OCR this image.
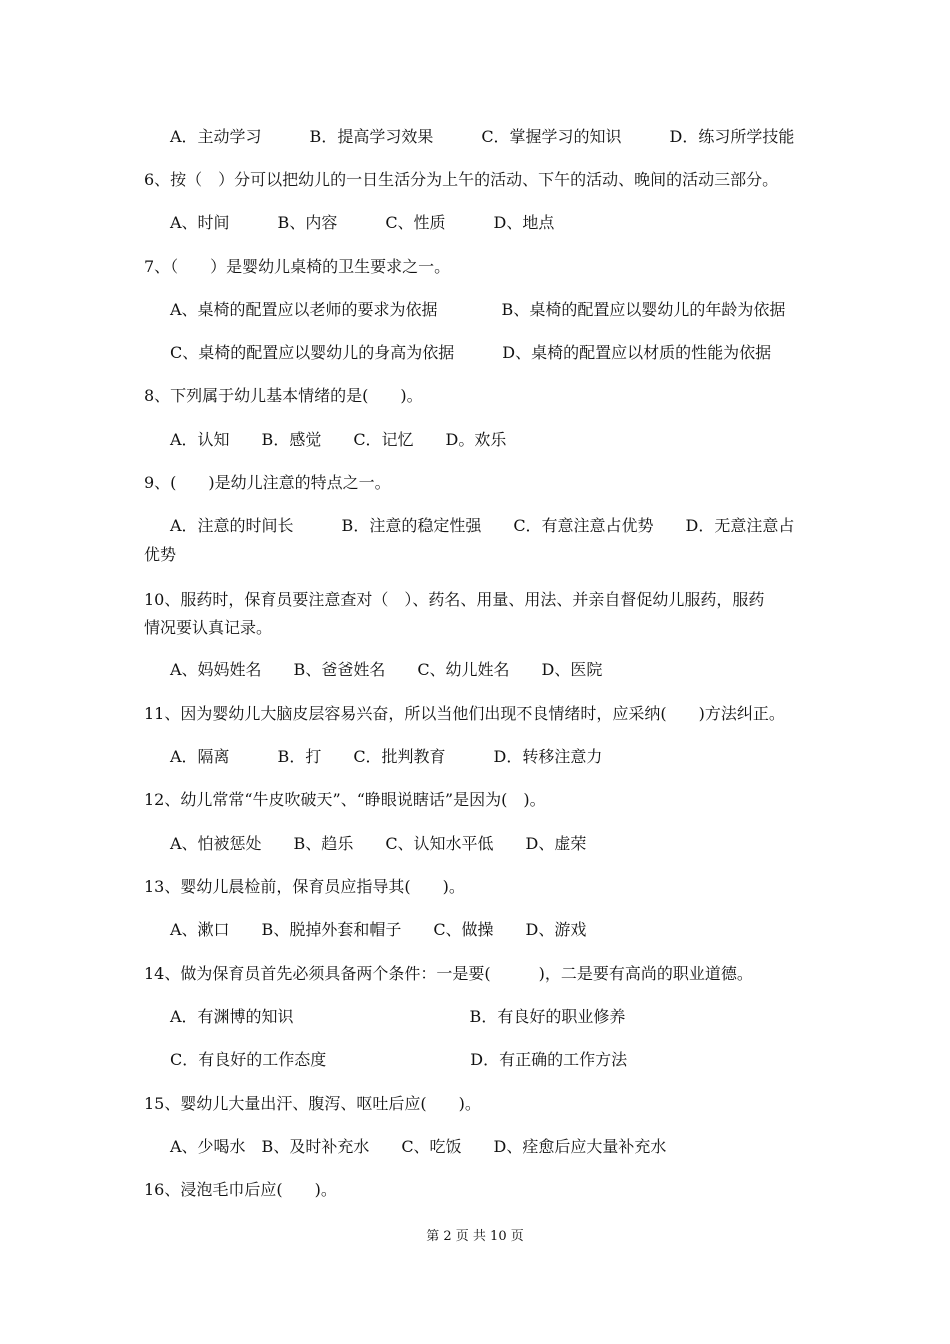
A．主动学习　　　B．提高学习效果　　　C．掌握学习的知识　　　D．练习所学技能
6、按（　）分可以把幼儿的一日生活分为上午的活动、下午的活动、晚间的活动三部分。
A、时间　　　B、内容　　　C、性质　　　D、地点
7、（　　）是婴幼儿桌椅的卫生要求之一。
A、桌椅的配置应以老师的要求为依据　　　　B、桌椅的配置应以婴幼儿的年龄为依据
C、桌椅的配置应以婴幼儿的身高为依据　　　D、桌椅的配置应以材质的性能为依据
8、下列属于幼儿基本情绪的是(　　)。
A．认知　　B．感觉　　C．记忆　　D。欢乐
9、(　　)是幼儿注意的特点之一。
A．注意的时间长　　　B．注意的稳定性强　　C．有意注意占优势　　D．无意注意占
优势
10、服药时，保育员要注意查对（　）、药名、用量、用法、并亲自督促幼儿服药，服药
情况要认真记录。
A、妈妈姓名　　B、爸爸姓名　　C、幼儿姓名　　D、医院
11、因为婴幼儿大脑皮层容易兴奋，所以当他们出现不良情绪时，应采纳(　　)方法纠正。
A．隔离　　　B．打　　C．批判教育　　　D．转移注意力
12、幼儿常常“牛皮吹破天”、“睁眼说瞎话”是因为(　)。
A、怕被惩处　　B、趋乐　　C、认知水平低　　D、虚荣
13、婴幼儿晨检前，保育员应指导其(　　)。
A、漱口　　B、脱掉外套和帽子　　C、做操　　D、游戏
14、做为保育员首先必须具备两个条件：一是要(　　　)，二是要有高尚的职业道德。
A．有渊博的知识　　　　　　　　　　　B．有良好的职业修养
C．有良好的工作态度　　　　　　　　　D．有正确的工作方法
15、婴幼儿大量出汗、腹泻、呕吐后应(　　)。
A、少喝水　B、及时补充水　　C、吃饭　　D、痊愈后应大量补充水
16、浸泡毛巾后应(　　)。
第 2 页 共 10 页
